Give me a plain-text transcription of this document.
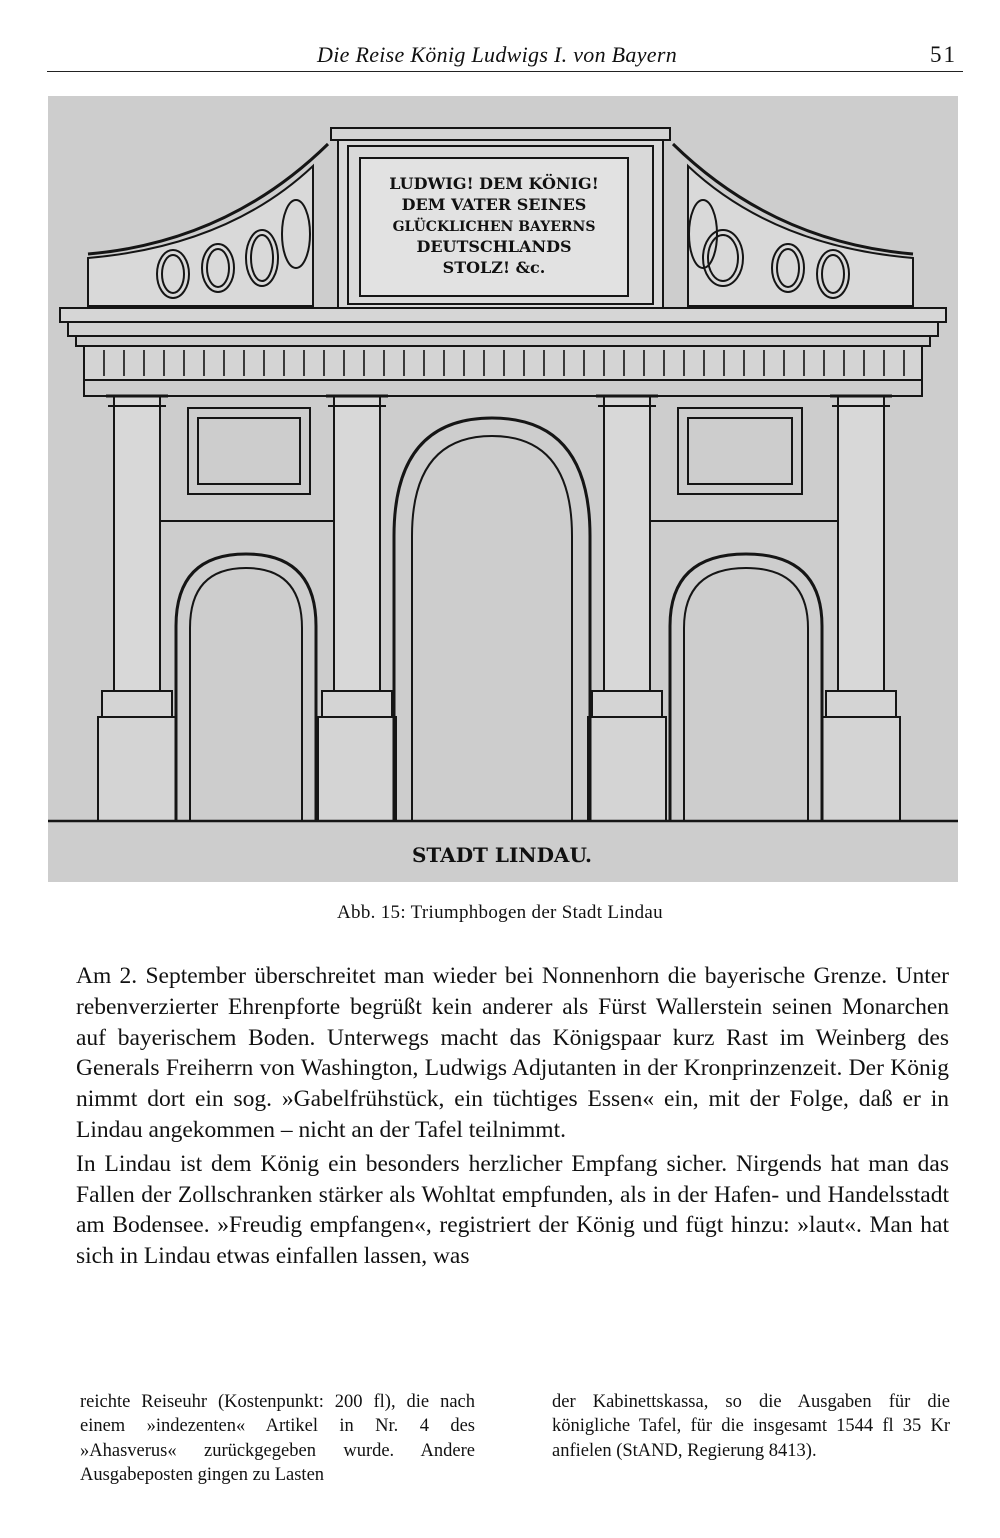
Die Reise König Ludwigs I. von Bayern	51
LUDWIG! DEM KÖNIG!
DEM VATER SEINES
GLÜCKLICHEN BAYERNS
DEUTSCHLANDS
STOLZ! &c.
STADT LINDAU.
Abb. 15: Triumphbogen der Stadt Lindau

Am 2. September überschreitet man wieder bei Nonnenhorn die bayerische Grenze. Unter rebenverzierter Ehrenpforte begrüßt kein anderer als Fürst Wallerstein seinen Monarchen auf bayerischem Boden. Unterwegs macht das Königspaar kurz Rast im Weinberg des Generals Freiherrn von Washington, Ludwigs Adjutanten in der Kronprinzenzeit. Der König nimmt dort ein sog. »Gabelfrühstück, ein tüchtiges Essen« ein, mit der Folge, daß er in Lindau angekommen – nicht an der Tafel teilnimmt.

In Lindau ist dem König ein besonders herzlicher Empfang sicher. Nirgends hat man das Fallen der Zollschranken stärker als Wohltat empfunden, als in der Hafen- und Handelsstadt am Bodensee. »Freudig empfangen«, registriert der König und fügt hinzu: »laut«. Man hat sich in Lindau etwas einfallen lassen, was

reichte Reiseuhr (Kostenpunkt: 200 fl), die nach einem »indezenten« Artikel in Nr. 4 des »Ahasverus« zurückgegeben wurde. Andere Ausgabeposten gingen zu Lasten
der Kabinettskassa, so die Ausgaben für die königliche Tafel, für die insgesamt 1544 fl 35 Kr anfielen (StAND, Regierung 8413).
